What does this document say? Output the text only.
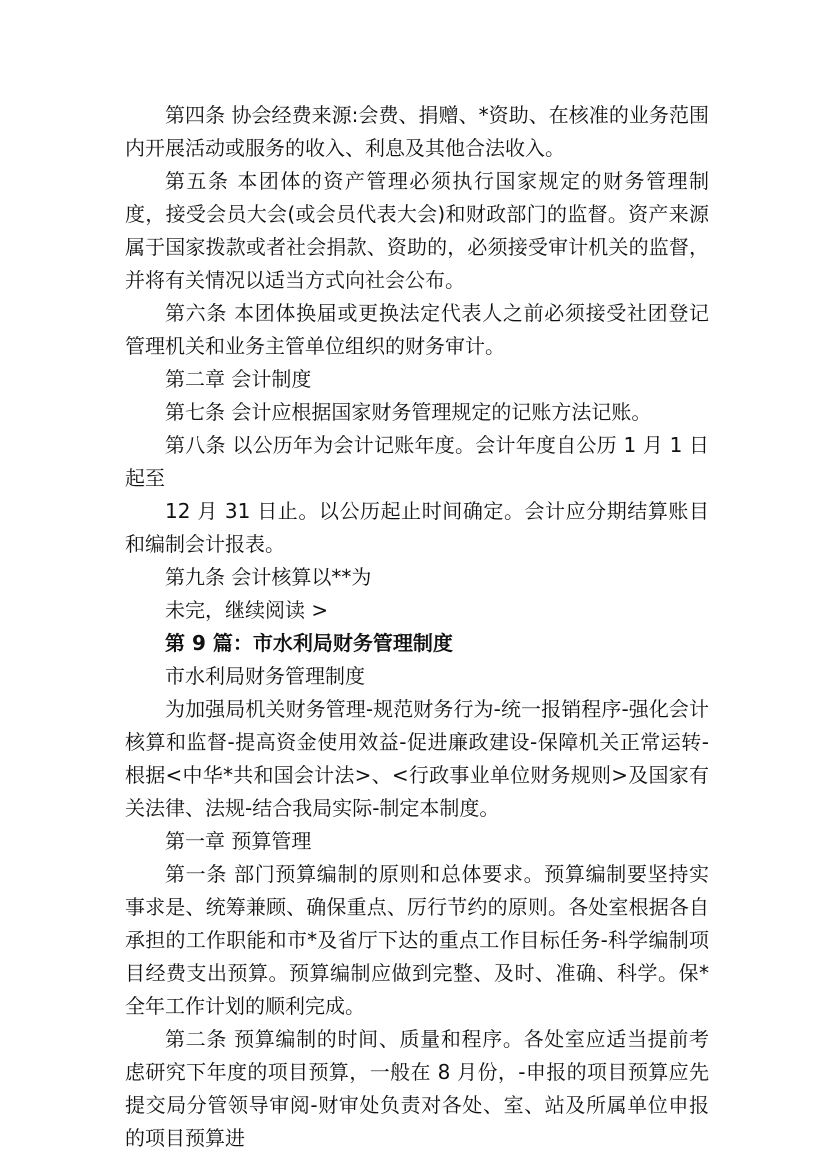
第四条 协会经费来源:会费、捐赠、*资助、在核准的业务范围内开展活动或服务的收入、利息及其他合法收入。

第五条 本团体的资产管理必须执行国家规定的财务管理制度，接受会员大会(或会员代表大会)和财政部门的监督。资产来源属于国家拨款或者社会捐款、资助的，必须接受审计机关的监督，并将有关情况以适当方式向社会公布。

第六条 本团体换届或更换法定代表人之前必须接受社团登记管理机关和业务主管单位组织的财务审计。

第二章 会计制度

第七条 会计应根据国家财务管理规定的记账方法记账。

第八条 以公历年为会计记账年度。会计年度自公历 1 月 1 日起至

12 月 31 日止。以公历起止时间确定。会计应分期结算账目和编制会计报表。

第九条 会计核算以**为

未完，继续阅读 >

第 9 篇：市水利局财务管理制度

市水利局财务管理制度

为加强局机关财务管理-规范财务行为-统一报销程序-强化会计核算和监督-提高资金使用效益-促进廉政建设-保障机关正常运转-根据<中华*共和国会计法>、<行政事业单位财务规则>及国家有关法律、法规-结合我局实际-制定本制度。

第一章 预算管理

第一条 部门预算编制的原则和总体要求。预算编制要坚持实事求是、统筹兼顾、确保重点、厉行节约的原则。各处室根据各自承担的工作职能和市*及省厅下达的重点工作目标任务-科学编制项目经费支出预算。预算编制应做到完整、及时、准确、科学。保*全年工作计划的顺利完成。

第二条 预算编制的时间、质量和程序。各处室应适当提前考虑研究下年度的项目预算，一般在 8 月份，-申报的项目预算应先提交局分管领导审阅-财审处负责对各处、室、站及所属单位申报的项目预算进
